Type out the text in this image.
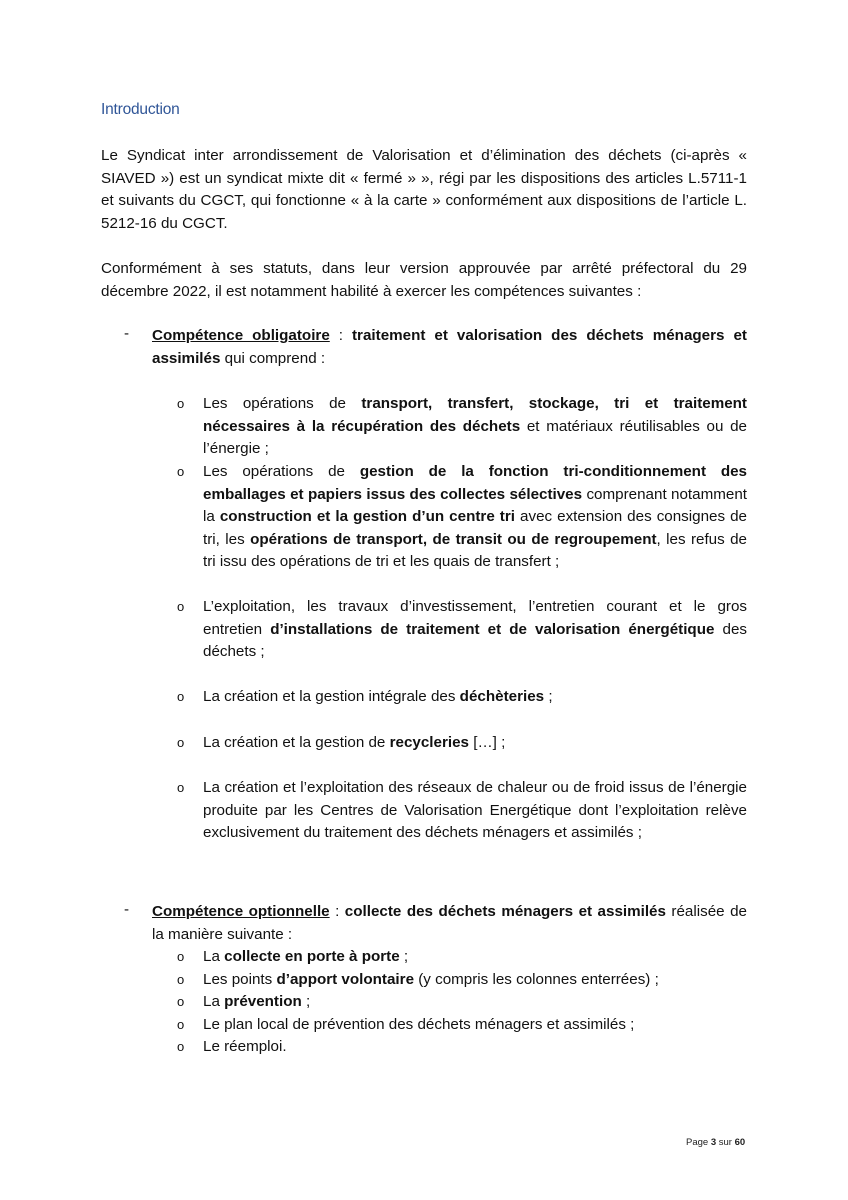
Introduction

Le Syndicat inter arrondissement de Valorisation et d’élimination des déchets (ci-après « SIAVED ») est un syndicat mixte dit « fermé » », régi par les dispositions des articles L.5711-1 et suivants du CGCT, qui fonctionne « à la carte » conformément aux dispositions de l’article L. 5212-16 du CGCT.

Conformément à ses statuts, dans leur version approuvée par arrêté préfectoral du 29 décembre 2022, il est notamment habilité à exercer les compétences suivantes :

-	Compétence obligatoire : traitement et valorisation des déchets ménagers et assimilés qui comprend :

o	Les opérations de transport, transfert, stockage, tri et traitement nécessaires à la récupération des déchets et matériaux réutilisables ou de l’énergie ;

o	Les opérations de gestion de la fonction tri-conditionnement des emballages et papiers issus des collectes sélectives comprenant notamment la construction et la gestion d’un centre tri avec extension des consignes de tri, les opérations de transport, de transit ou de regroupement, les refus de tri issu des opérations de tri et les quais de transfert ;

o	L’exploitation, les travaux d’investissement, l’entretien courant et le gros entretien d’installations de traitement et de valorisation énergétique des déchets ;

o	La création et la gestion intégrale des déchèteries ;

o	La création et la gestion de recycleries […] ;

o	La création et l’exploitation des réseaux de chaleur ou de froid issus de l’énergie produite par les Centres de Valorisation Energétique dont l’exploitation relève exclusivement du traitement des déchets ménagers et assimilés ;

-	Compétence optionnelle : collecte des déchets ménagers et assimilés réalisée de la manière suivante :

o	La collecte en porte à porte ;

o	Les points d’apport volontaire (y compris les colonnes enterrées) ;

o	La prévention ;

o	Le plan local de prévention des déchets ménagers et assimilés ;

o	Le réemploi.

Page 3 sur 60
